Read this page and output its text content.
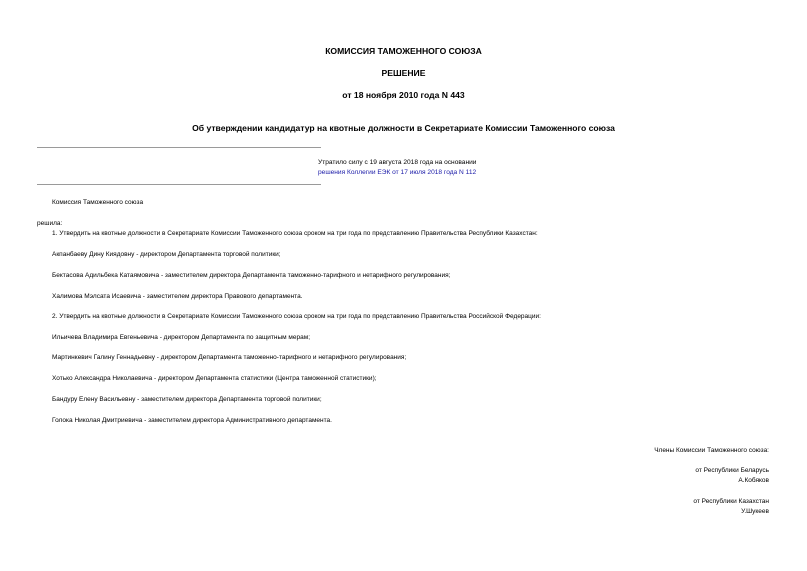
КОМИССИЯ ТАМОЖЕННОГО СОЮЗА
РЕШЕНИЕ
от 18 ноября 2010 года N 443
Об утверждении кандидатур на квотные должности в Секретариате Комиссии Таможенного союза
Утратило силу с 19 августа 2018 года на основании
решения Коллегии ЕЭК от 17 июля 2018 года N 112
Комиссия Таможенного союза
решила:
1. Утвердить на квотные должности в Секретариате Комиссии Таможенного союза сроком на три года по представлению Правительства Республики Казахстан:
Акпанбаеву Дину Киядовну - директором Департамента торговой политики;
Бектасова Адильбека Катаямовича - заместителем директора Департамента таможенно-тарифного и нетарифного регулирования;
Халимова Мэлсата Исаевича - заместителем директора Правового департамента.
2. Утвердить на квотные должности в Секретариате Комиссии Таможенного союза сроком на три года по представлению Правительства Российской Федерации:
Ильичева Владимира Евгеньевича - директором Департамента по защитным мерам;
Мартинкевич Галину Геннадьевну - директором Департамента таможенно-тарифного и нетарифного регулирования;
Хотько Александра Николаевича - директором Департамента статистики (Центра таможенной статистики);
Бандуру Елену Васильевну - заместителем директора Департамента торговой политики;
Голока Николая Дмитриевича - заместителем директора Административного департамента.
Члены Комиссии Таможенного союза:
от Республики Беларусь
А.Кобяков
от Республики Казахстан
У.Шукеев
